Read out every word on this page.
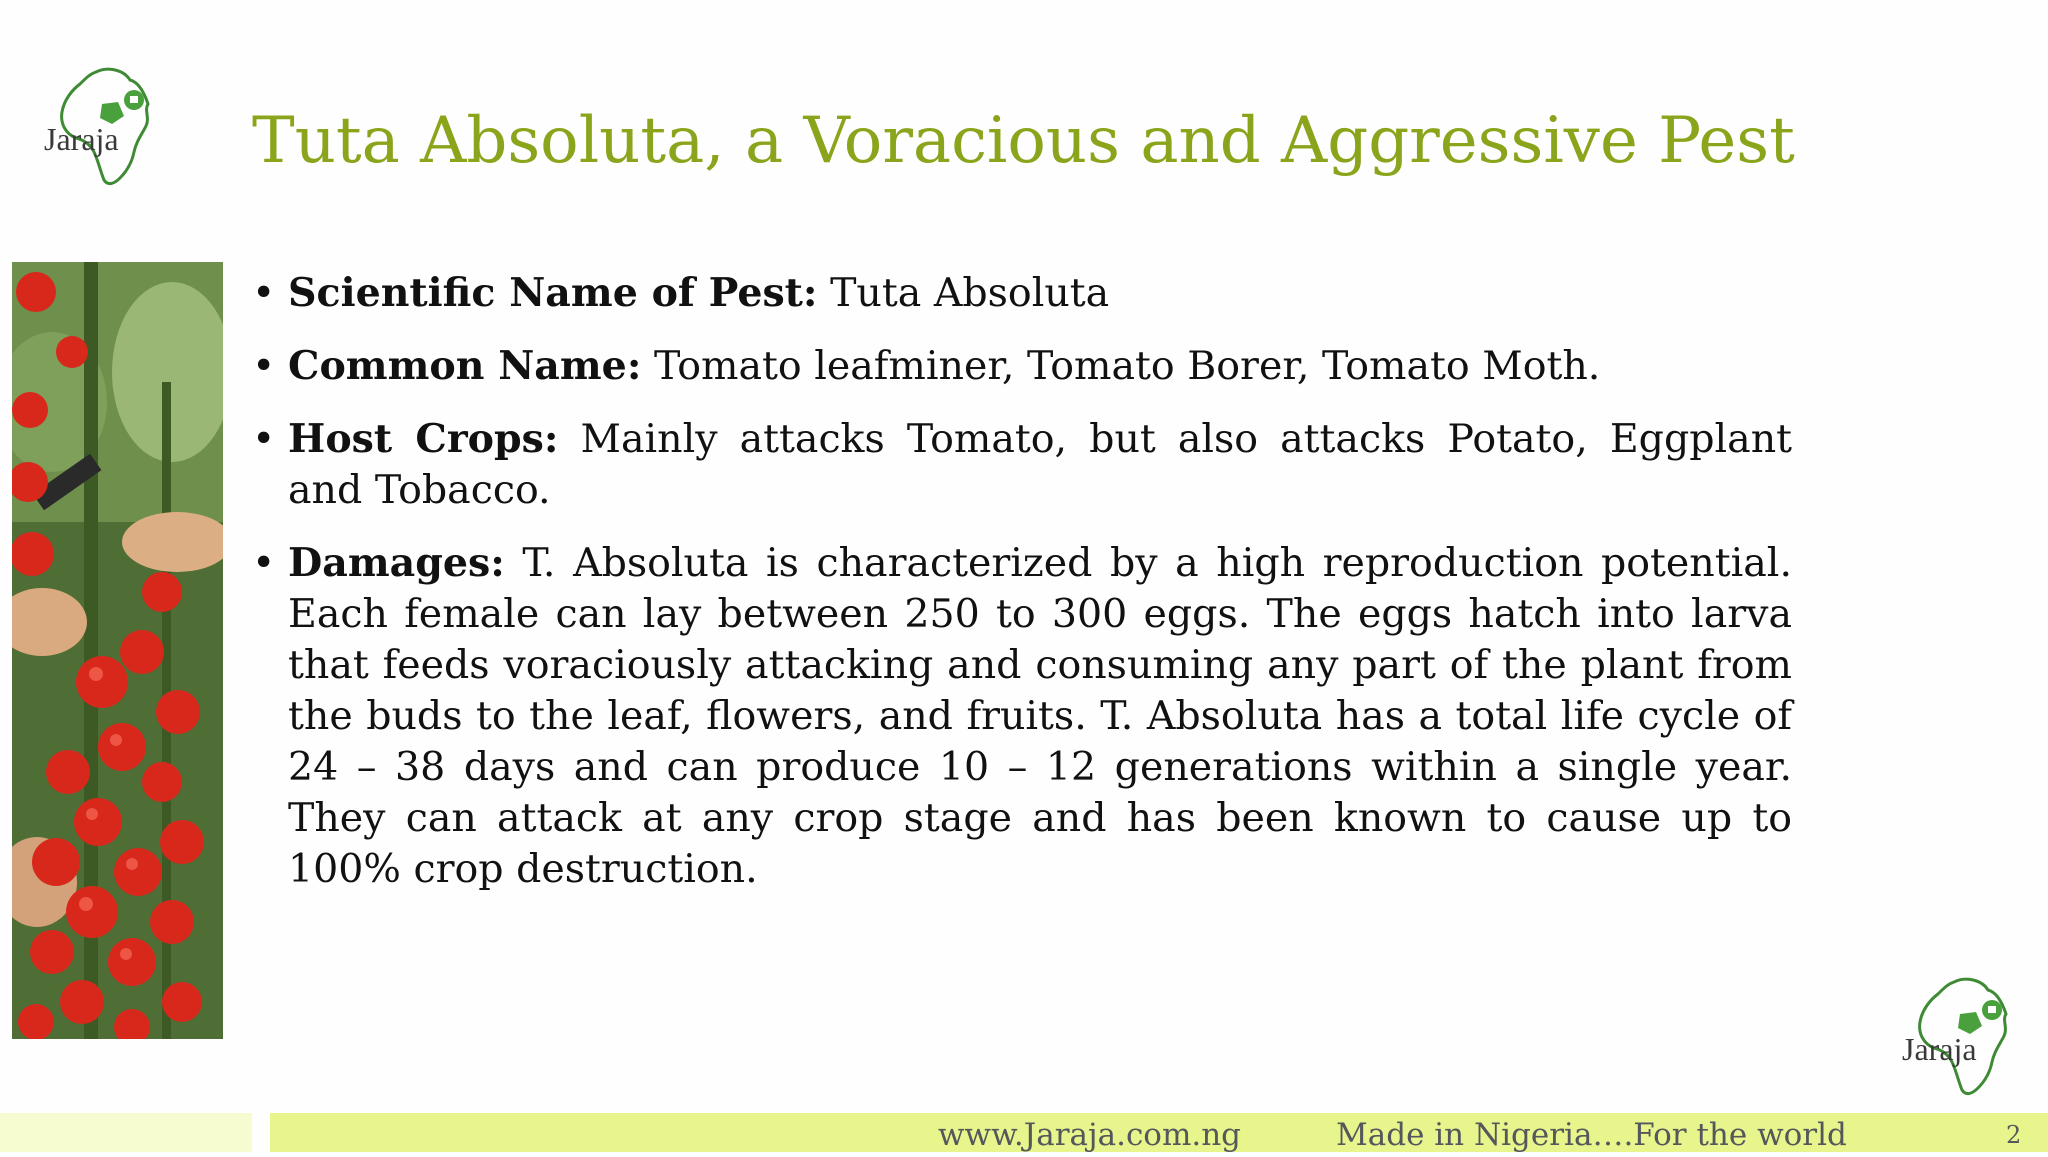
Jaraja Tuta Absoluta, a Voracious and Aggressive Pest
• Scientific Name of Pest: Tuta Absoluta
• Common Name: Tomato leafminer, Tomato Borer, Tomato Moth.
• Host Crops: Mainly attacks Tomato, but also attacks Potato, Eggplant and Tobacco.
• Damages: T. Absoluta is characterized by a high reproduction potential. Each female can lay between 250 to 300 eggs. The eggs hatch into larva that feeds voraciously attacking and consuming any part of the plant from the buds to the leaf, flowers, and fruits. T. Absoluta has a total life cycle of 24 – 38 days and can produce 10 – 12 generations within a single year. They can attack at any crop stage and has been known to cause up to 100% crop destruction.
Jaraja
www.Jaraja.com.ng	Made in Nigeria….For the world	2
